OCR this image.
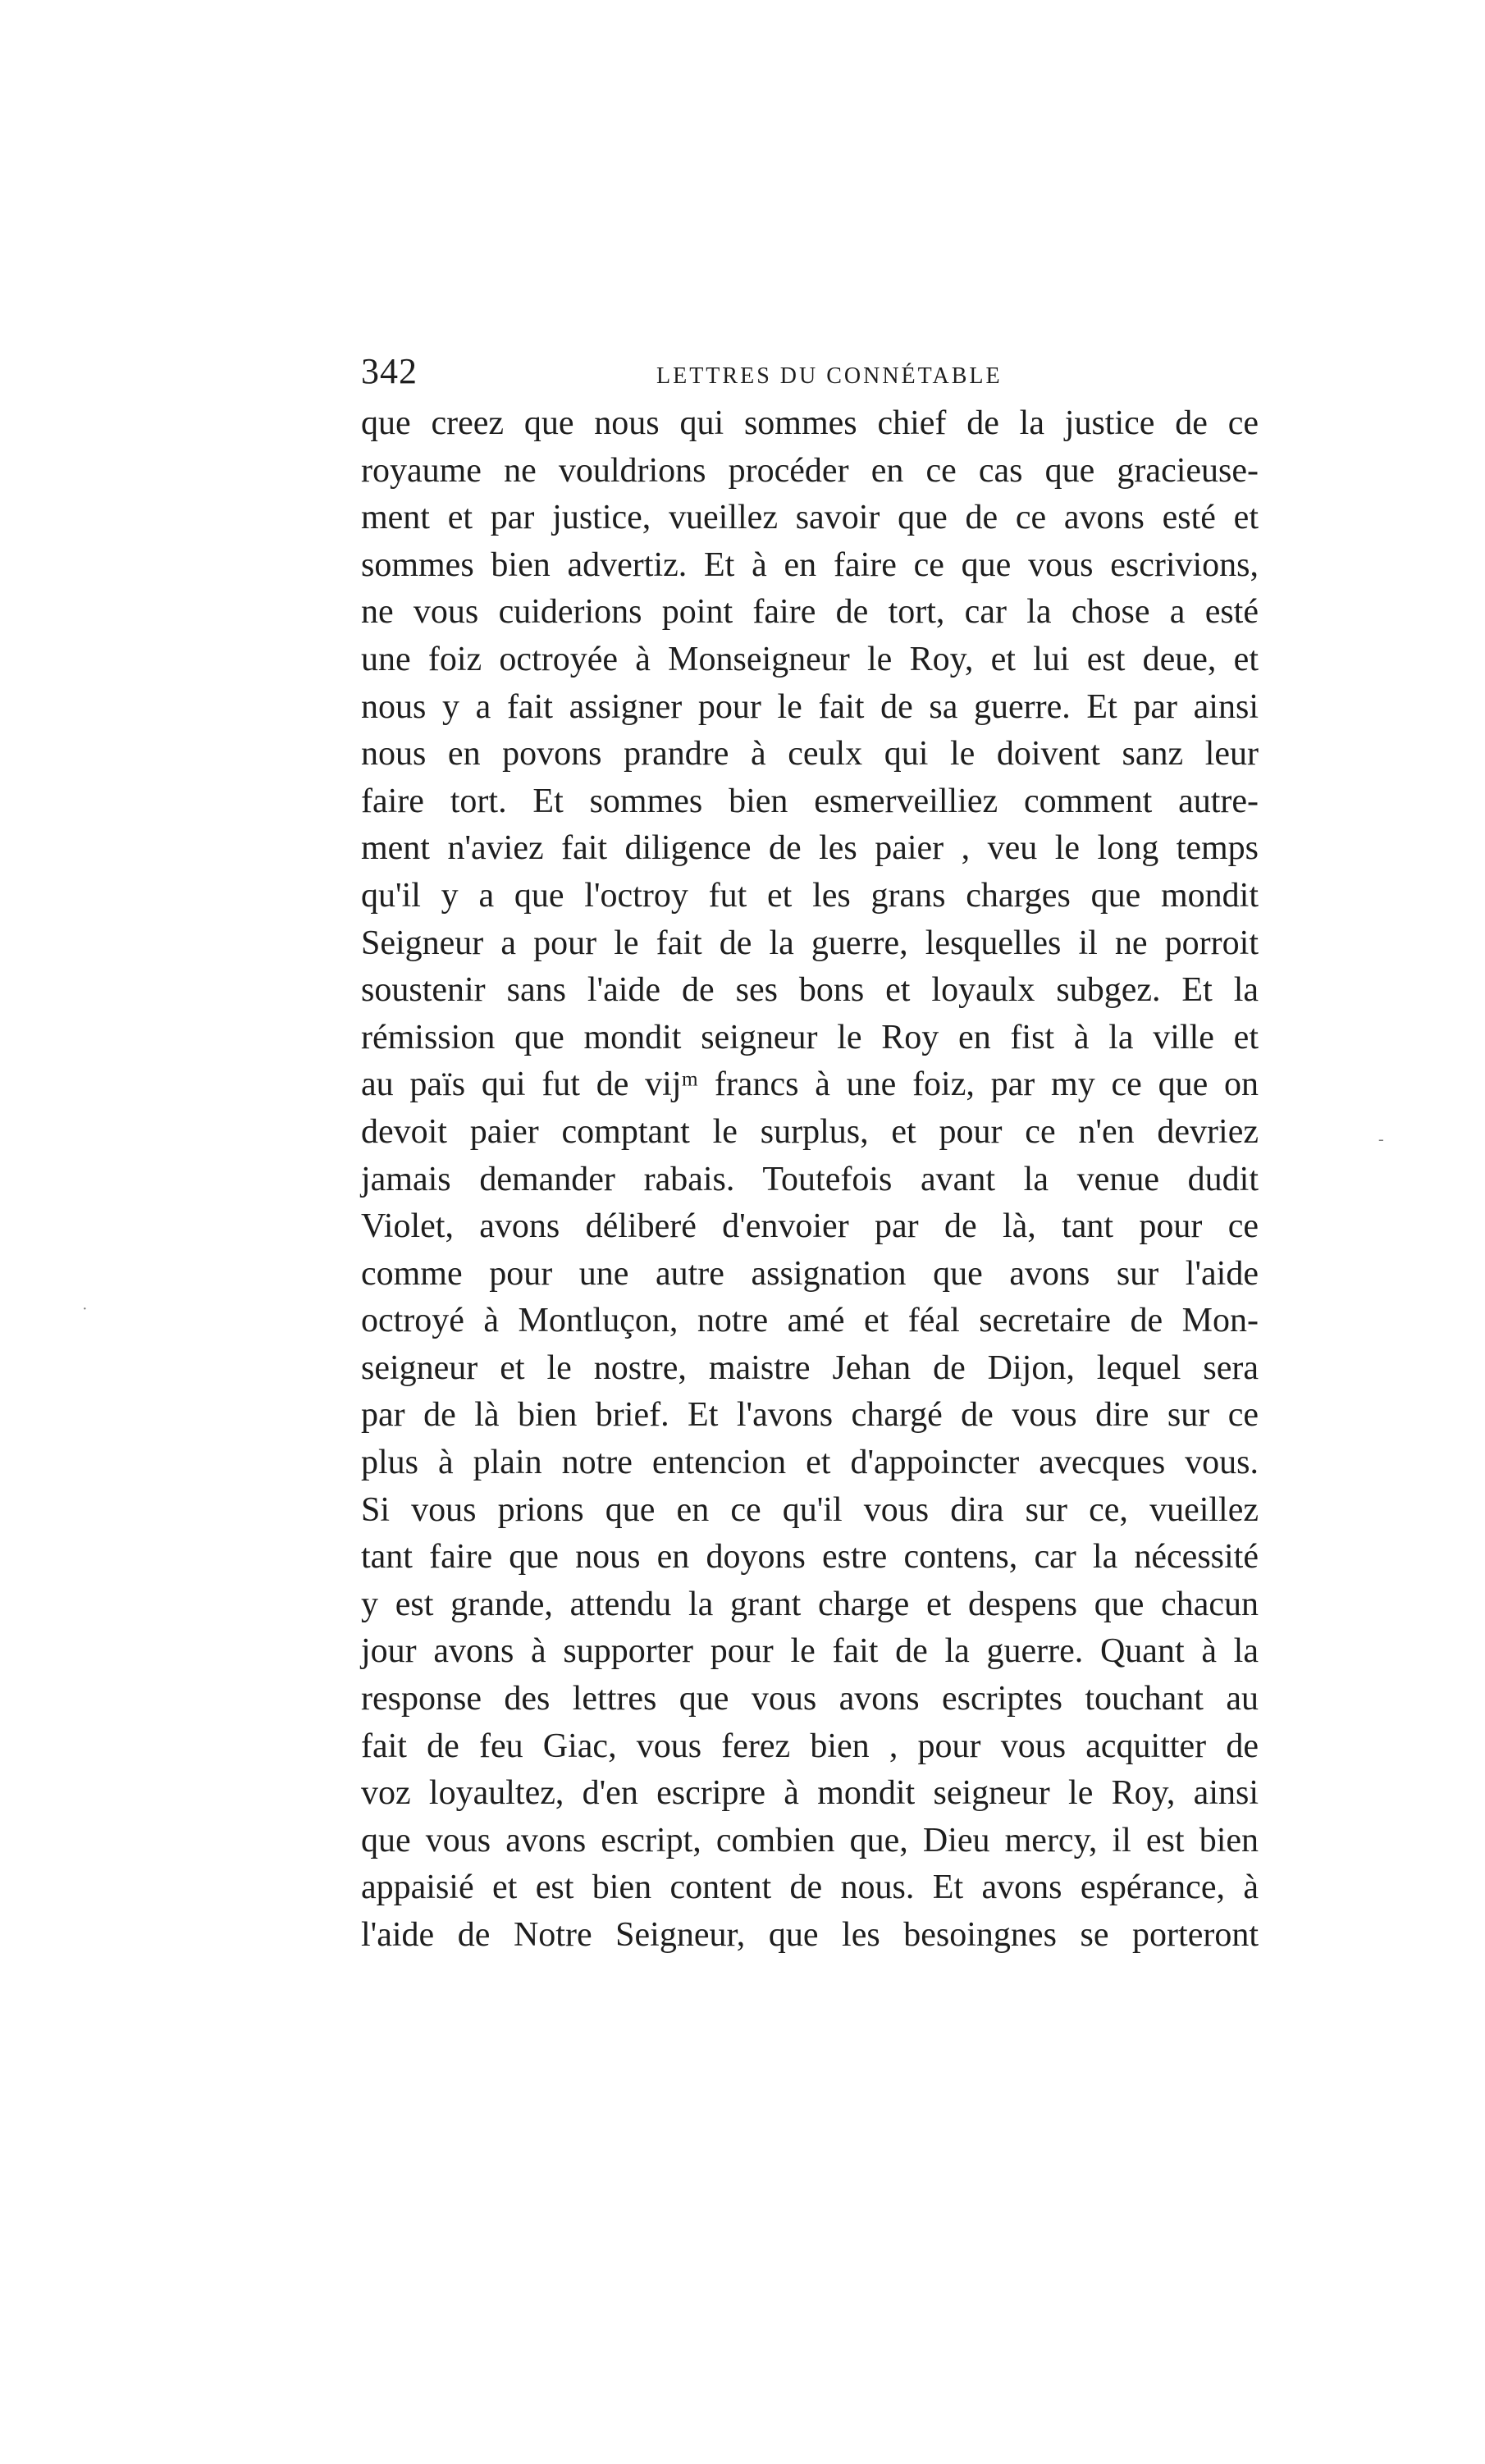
342	LETTRES DU CONNÉTABLE
que creez que nous qui sommes chief de la justice de ce
royaume ne vouldrions procéder en ce cas que gracieuse-
ment et par justice, vueillez savoir que de ce avons esté et
sommes bien advertiz. Et à en faire ce que vous escrivions,
ne vous cuiderions point faire de tort, car la chose a esté
une foiz octroyée à Monseigneur le Roy, et lui est deue, et
nous y a fait assigner pour le fait de sa guerre. Et par ainsi
nous en povons prandre à ceulx qui le doivent sanz leur
faire tort. Et sommes bien esmerveilliez comment autre-
ment n'aviez fait diligence de les paier , veu le long temps
qu'il y a que l'octroy fut et les grans charges que mondit
Seigneur a pour le fait de la guerre, lesquelles il ne porroit
soustenir sans l'aide de ses bons et loyaulx subgez. Et la
rémission que mondit seigneur le Roy en fist à la ville et
au païs qui fut de vijᵐ francs à une foiz, par my ce que on
devoit paier comptant le surplus, et pour ce n'en devriez
jamais demander rabais. Toutefois avant la venue dudit
Violet, avons déliberé d'envoier par de là, tant pour ce
comme pour une autre assignation que avons sur l'aide
octroyé à Montluçon, notre amé et féal secretaire de Mon-
seigneur et le nostre, maistre Jehan de Dijon, lequel sera
par de là bien brief. Et l'avons chargé de vous dire sur ce
plus à plain notre entencion et d'appoincter avecques vous.
Si vous prions que en ce qu'il vous dira sur ce, vueillez
tant faire que nous en doyons estre contens, car la nécessité
y est grande, attendu la grant charge et despens que chacun
jour avons à supporter pour le fait de la guerre. Quant à la
response des lettres que vous avons escriptes touchant au
fait de feu Giac, vous ferez bien , pour vous acquitter de
voz loyaultez, d'en escripre à mondit seigneur le Roy, ainsi
que vous avons escript, combien que, Dieu mercy, il est bien
appaisié et est bien content de nous. Et avons espérance, à
l'aide de Notre Seigneur, que les besoingnes se porteront
-
·
